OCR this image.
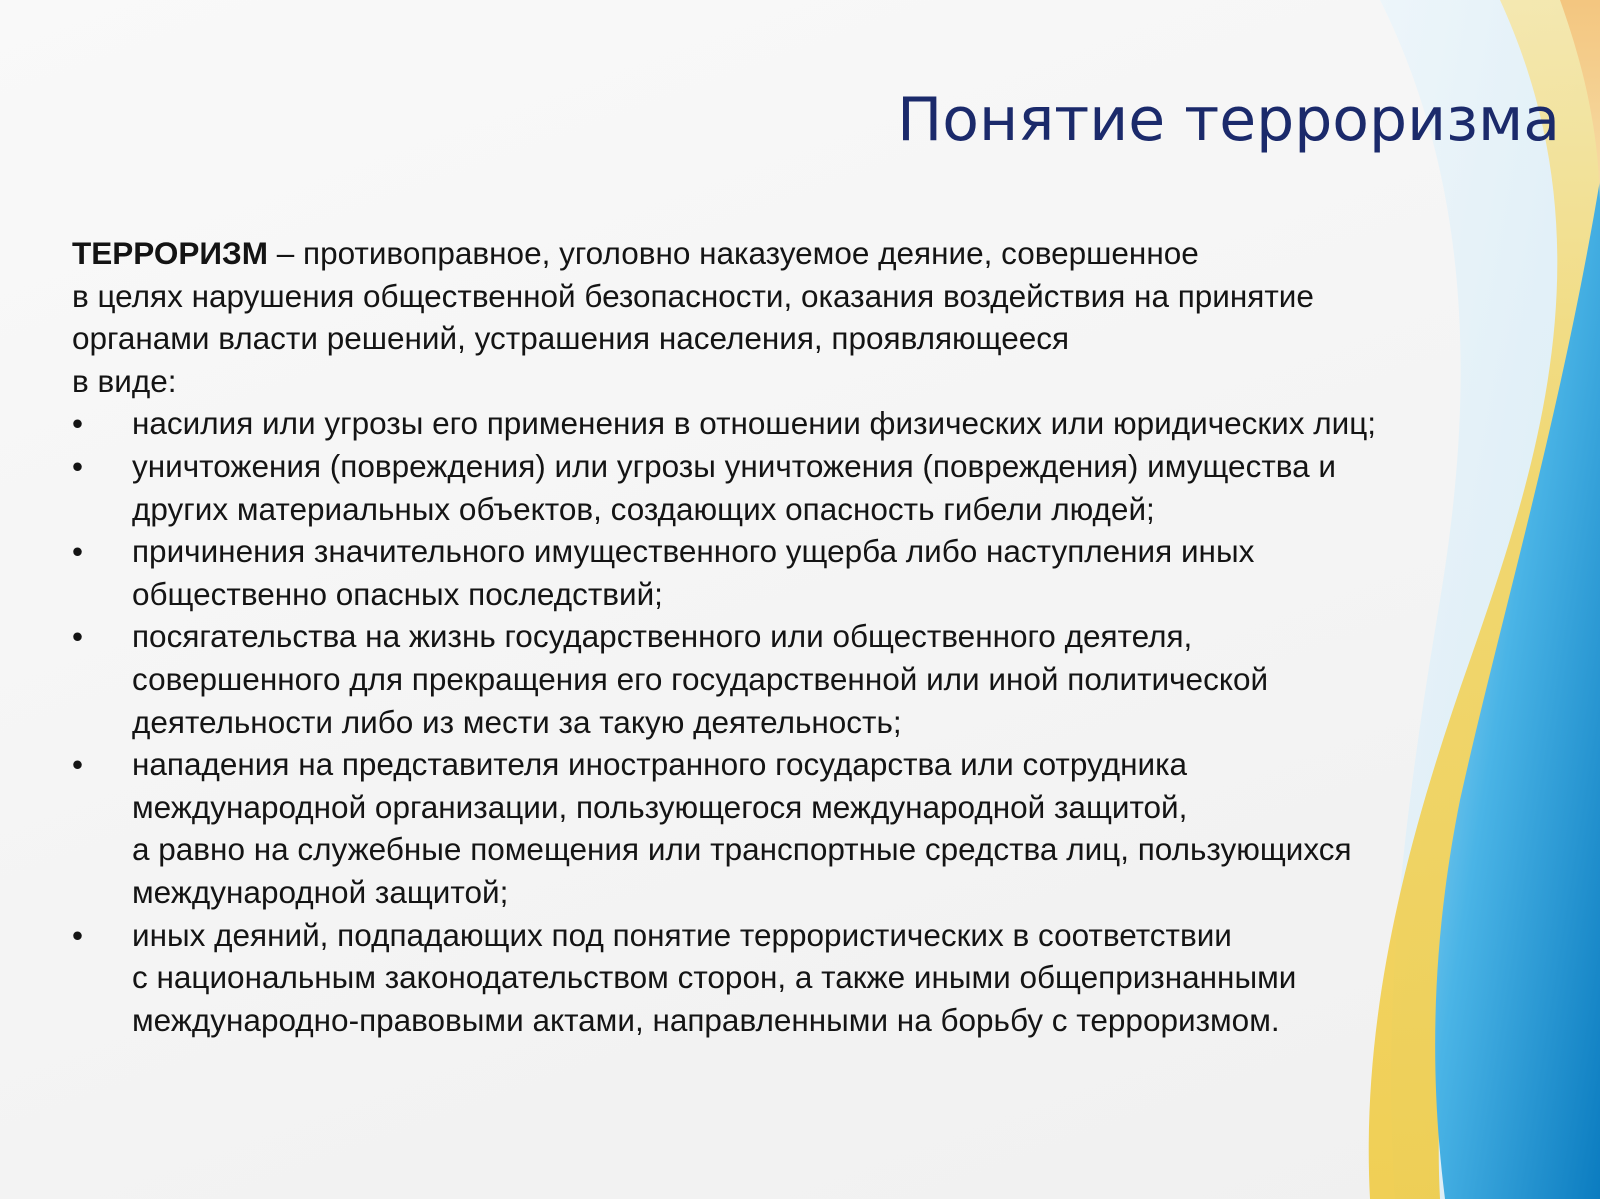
Понятие терроризма

ТЕРРОРИЗМ – противоправное, уголовно наказуемое деяние, совершенное
в целях нарушения общественной безопасности, оказания воздействия на принятие
органами власти решений, устрашения населения, проявляющееся
в виде:

• насилия или угрозы его применения в отношении физических или юридических лиц;
• уничтожения (повреждения) или угрозы уничтожения (повреждения) имущества и
других материальных объектов, создающих опасность гибели людей;
• причинения значительного имущественного ущерба либо наступления иных
общественно опасных последствий;
• посягательства на жизнь государственного или общественного деятеля,
совершенного для прекращения его государственной или иной политической
деятельности либо из мести за такую деятельность;
• нападения на представителя иностранного государства или сотрудника
международной организации, пользующегося международной защитой,
а равно на служебные помещения или транспортные средства лиц, пользующихся
международной защитой;
• иных деяний, подпадающих под понятие террористических в соответствии
с национальным законодательством сторон, а также иными общепризнанными
международно-правовыми актами, направленными на борьбу с терроризмом.
